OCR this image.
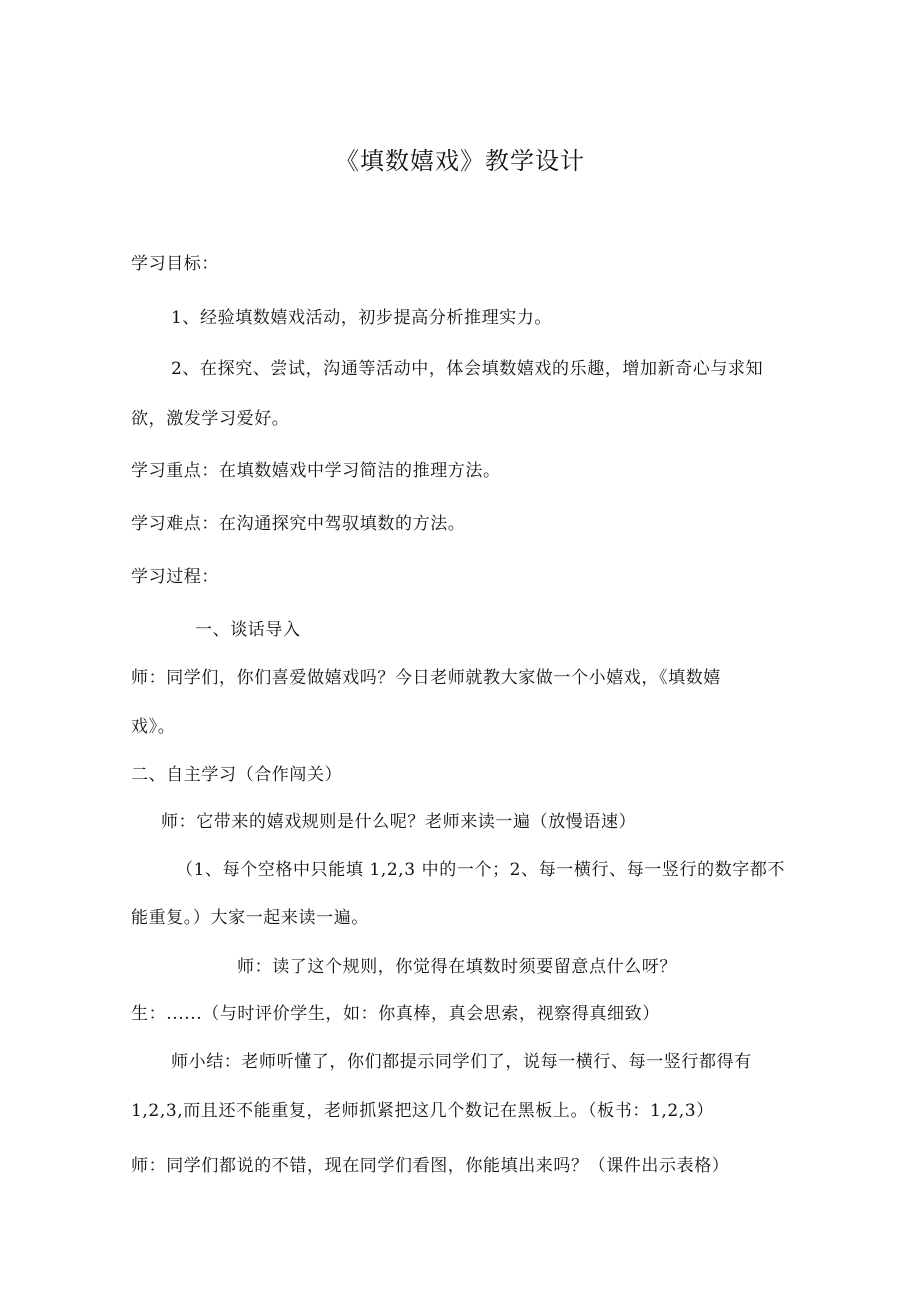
《填数嬉戏》教学设计
学习目标：
1、经验填数嬉戏活动，初步提高分析推理实力。
2、在探究、尝试，沟通等活动中，体会填数嬉戏的乐趣，增加新奇心与求知
欲，激发学习爱好。
学习重点：在填数嬉戏中学习简洁的推理方法。
学习难点：在沟通探究中驾驭填数的方法。
学习过程：
一、谈话导入
师：同学们，你们喜爱做嬉戏吗？今日老师就教大家做一个小嬉戏，《填数嬉
戏》。
二、自主学习（合作闯关）
师：它带来的嬉戏规则是什么呢？老师来读一遍（放慢语速）
（1、每个空格中只能填 1,2,3 中的一个；2、每一横行、每一竖行的数字都不
能重复。）大家一起来读一遍。
师：读了这个规则，你觉得在填数时须要留意点什么呀？
生：......（与时评价学生，如：你真棒，真会思索，视察得真细致）
师小结：老师听懂了，你们都提示同学们了，说每一横行、每一竖行都得有
1,2,3,而且还不能重复，老师抓紧把这几个数记在黑板上。（板书：1,2,3）
师：同学们都说的不错，现在同学们看图，你能填出来吗？（课件出示表格）
